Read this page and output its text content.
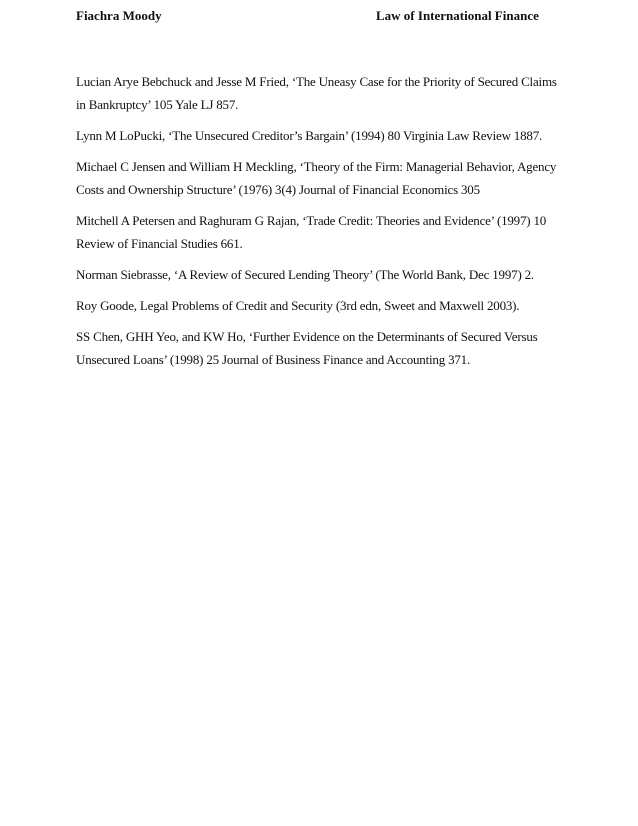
Fiachra Moody	Law of International Finance
Lucian Arye Bebchuck and Jesse M Fried, ‘The Uneasy Case for the Priority of Secured Claims in Bankruptcy’ 105 Yale LJ 857.
Lynn M LoPucki, ‘The Unsecured Creditor’s Bargain’ (1994) 80 Virginia Law Review 1887.
Michael C Jensen and William H Meckling, ‘Theory of the Firm: Managerial Behavior, Agency Costs and Ownership Structure’ (1976) 3(4) Journal of Financial Economics 305
Mitchell A Petersen and Raghuram G Rajan, ‘Trade Credit: Theories and Evidence’ (1997) 10 Review of Financial Studies 661.
Norman Siebrasse, ‘A Review of Secured Lending Theory’ (The World Bank, Dec 1997) 2.
Roy Goode, Legal Problems of Credit and Security (3rd edn, Sweet and Maxwell 2003).
SS Chen, GHH Yeo, and KW Ho, ‘Further Evidence on the Determinants of Secured Versus Unsecured Loans’ (1998) 25 Journal of Business Finance and Accounting 371.
